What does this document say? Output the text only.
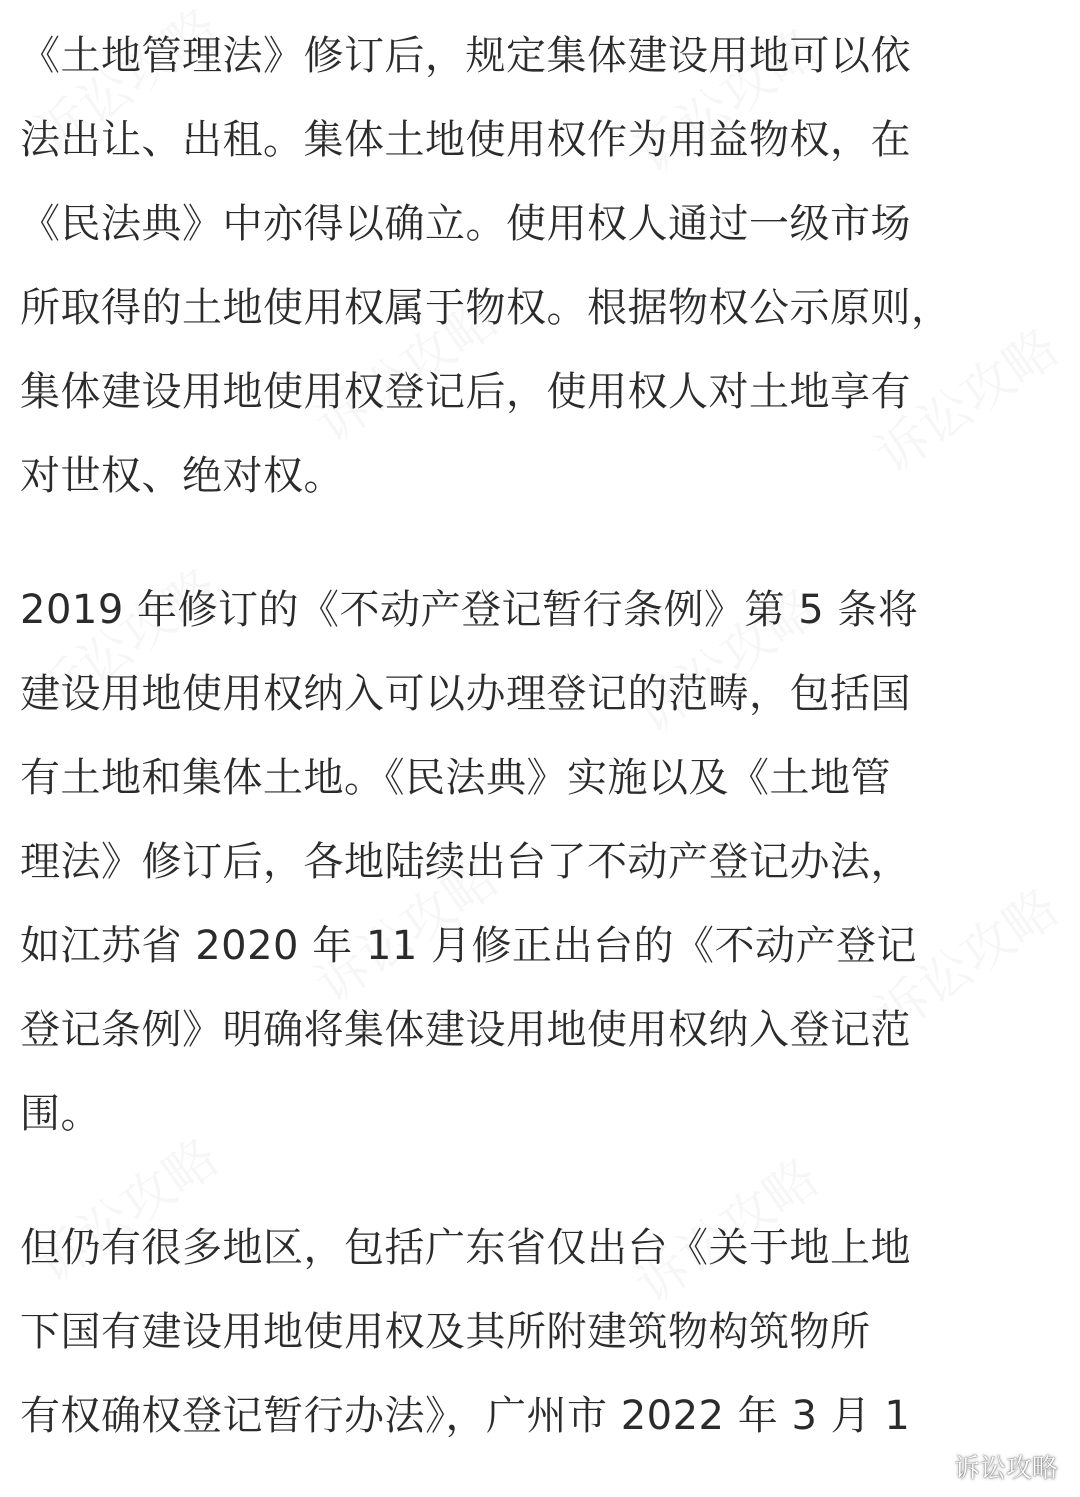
《土地管理法》修订后，规定集体建设用地可以依
法出让、出租。集体土地使用权作为用益物权，在
《民法典》中亦得以确立。使用权人通过一级市场
所取得的土地使用权属于物权。根据物权公示原则，
集体建设用地使用权登记后，使用权人对土地享有
对世权、绝对权。
2019 年修订的《不动产登记暂行条例》第 5 条将
建设用地使用权纳入可以办理登记的范畴，包括国
有土地和集体土地。《民法典》实施以及《土地管
理法》修订后，各地陆续出台了不动产登记办法，
如江苏省 2020 年 11 月修正出台的《不动产登记
登记条例》明确将集体建设用地使用权纳入登记范
围。
但仍有很多地区，包括广东省仅出台《关于地上地
下国有建设用地使用权及其所附建筑物构筑物所
有权确权登记暂行办法》，广州市 2022 年 3 月 1
诉讼攻略
